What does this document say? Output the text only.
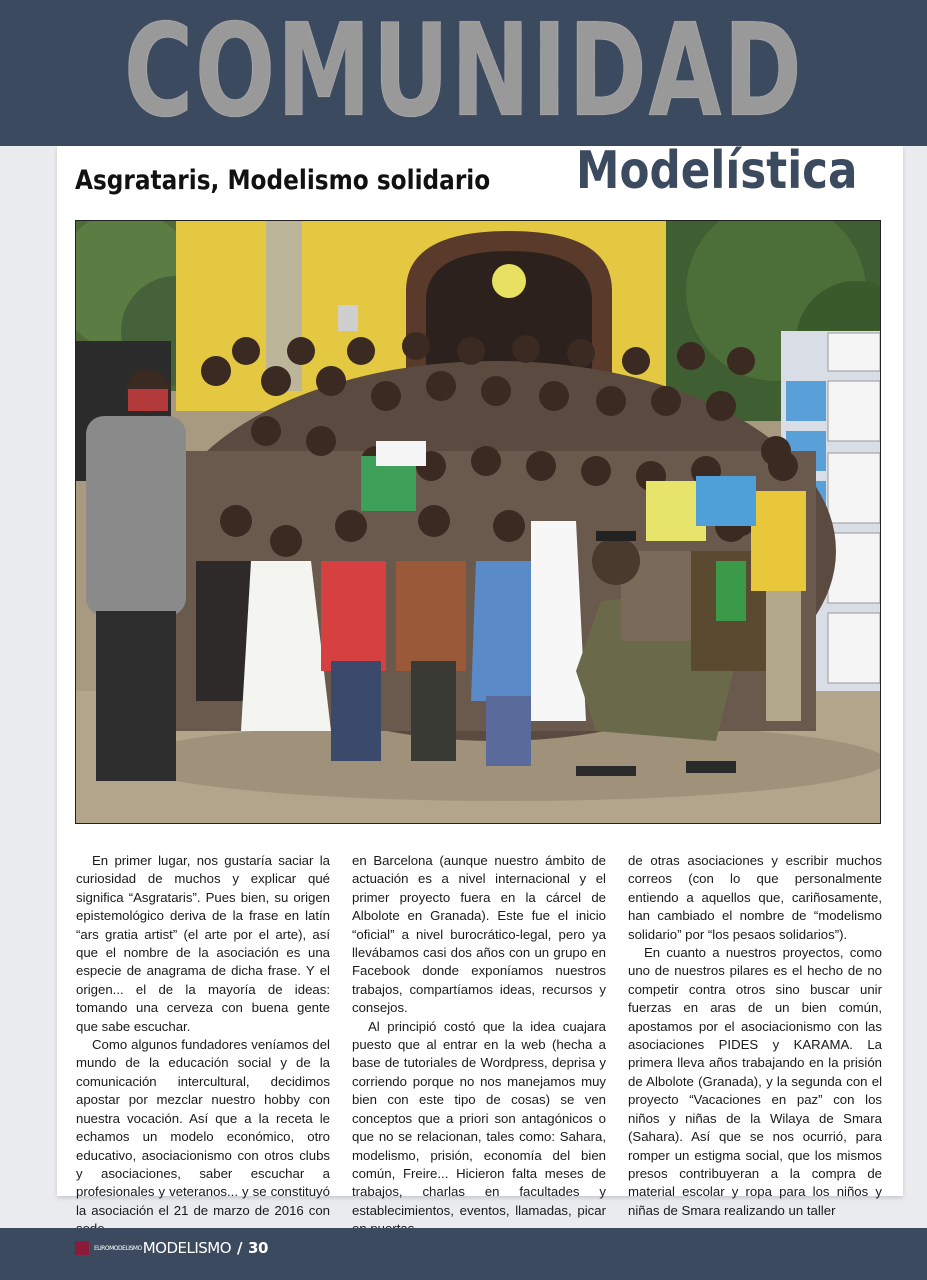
COMUNIDAD
Modelística
Asgrataris, Modelismo solidario

En primer lugar, nos gustaría saciar la curiosidad de muchos y explicar qué significa “Asgrataris”. Pues bien, su origen epistemológico deriva de la frase en latín “ars gratia artist” (el arte por el arte), así que el nombre de la asociación es una especie de anagrama de dicha frase. Y el origen... el de la mayoría de ideas: tomando una cerveza con buena gente que sabe escuchar.

Como algunos fundadores veníamos del mundo de la educación social y de la comunicación intercultural, decidimos apostar por mezclar nuestro hobby con nuestra vocación. Así que a la receta le echamos un modelo económico, otro educativo, asociacionismo con otros clubs y asociaciones, saber escuchar a profesionales y veteranos... y se constituyó la asociación el 21 de marzo de 2016 con

en Barcelona (aunque nuestro ámbito de actuación es a nivel internacional y el primer proyecto fuera en la cárcel de Albolote en Granada). Este fue el inicio “oficial” a nivel burocrático-legal, pero ya llevábamos casi dos años con un grupo en Facebook donde exponíamos nuestros trabajos, compartíamos ideas, recursos y consejos.

Al principió costó que la idea cuajara puesto que al entrar en la web (hecha a base de tutoriales de Wordpress, deprisa y corriendo porque no nos manejamos muy bien con este tipo de cosas) se ven conceptos que a priori son antagónicos o que no se relacionan, tales como: Sahara, modelismo, prisión, economía del bien común, Freire... Hicieron falta meses de trabajos, charlas en facultades y establecimientos, eventos, llamadas, picar

de otras asociaciones y escribir muchos correos (con lo que personalmente entiendo a aquellos que, cariñosamente, han cambiado el nombre de “modelismo solidario” por “los pesaos solidarios”).

En cuanto a nuestros proyectos, como uno de nuestros pilares es el hecho de no competir contra otros sino buscar unir fuerzas en aras de un bien común, apostamos por el asociacionismo con las asociaciones PIDES y KARAMA. La primera lleva años trabajando en la prisión de Albolote (Granada), y la segunda con el proyecto “Vacaciones en paz” con los niños y niñas de la Wilaya de Smara (Sahara). Así que se nos ocurrió, para romper un estigma social, que los mismos presos contribuyeran a la compra de material escolar y ropa para los niños y niñas de Smara realizando un taller

EUROMODELISMOMODELISMO / 30
